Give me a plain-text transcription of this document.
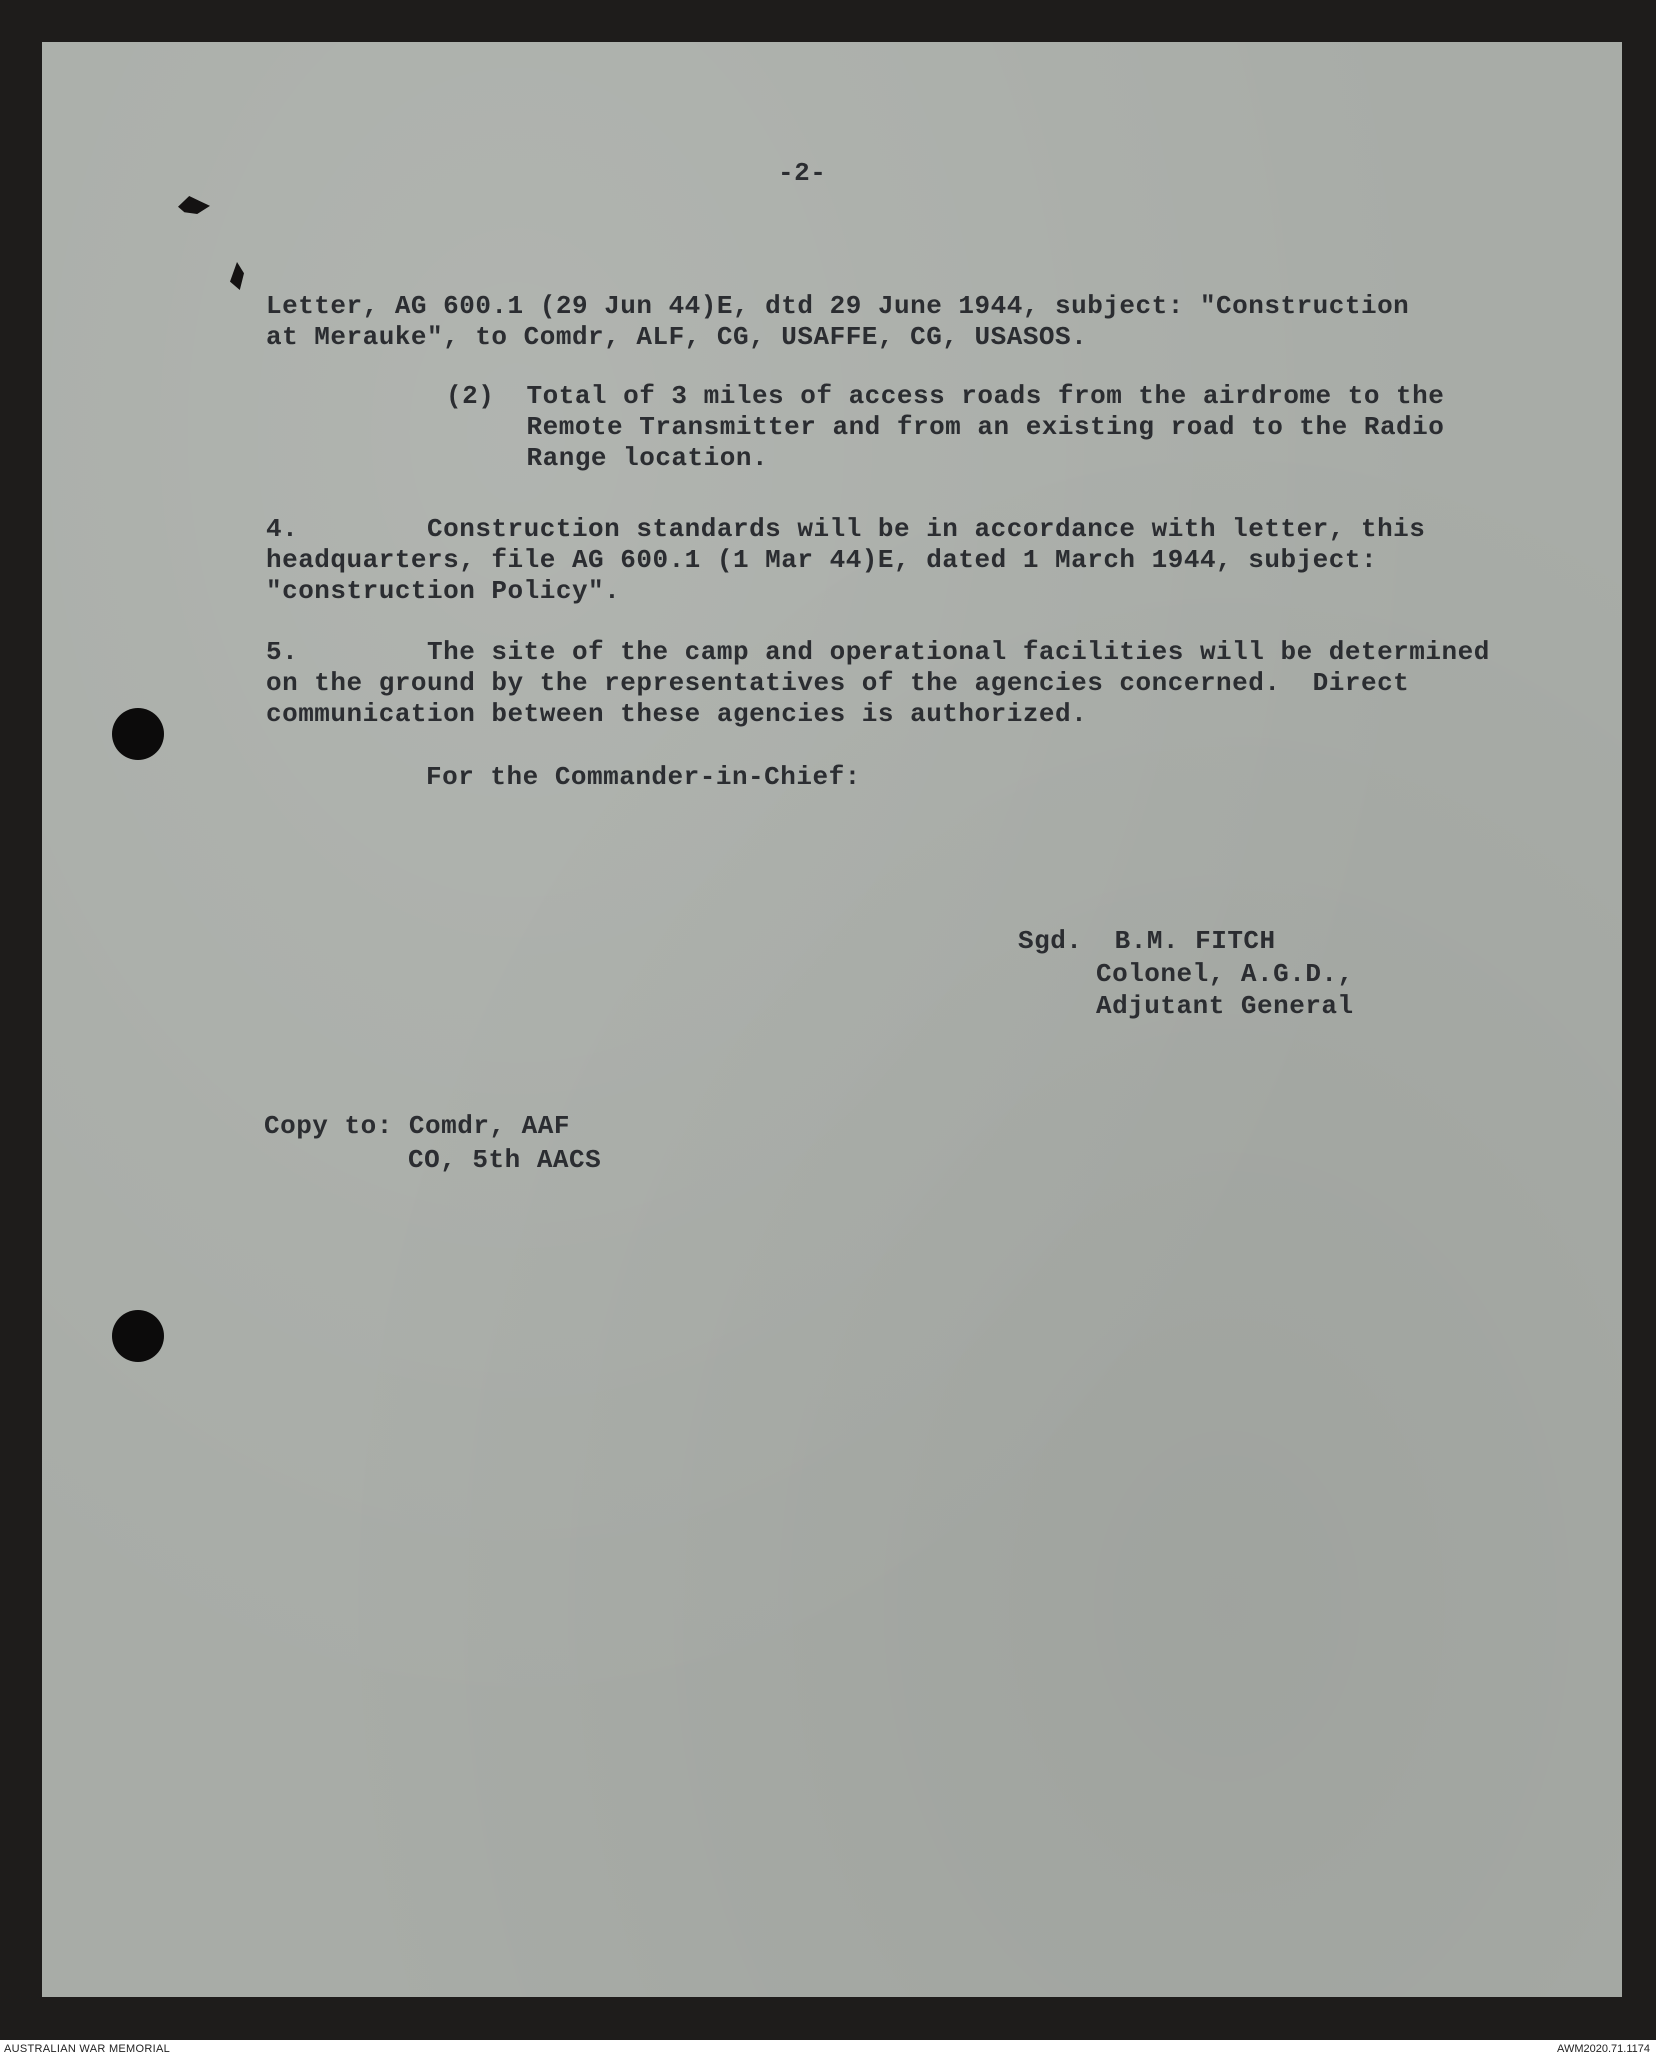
-2-

Letter, AG 600.1 (29 Jun 44)E, dtd 29 June 1944, subject: "Construction
at Merauke", to Comdr, ALF, CG, USAFFE, CG, USASOS.
(2)  Total of 3 miles of access roads from the airdrome to the
Remote Transmitter and from an existing road to the Radio
Range location.
4.        Construction standards will be in accordance with letter, this
headquarters, file AG 600.1 (1 Mar 44)E, dated 1 March 1944, subject:
"construction Policy".
5.        The site of the camp and operational facilities will be determined
on the ground by the representatives of the agencies concerned.  Direct
communication between these agencies is authorized.

For the Commander-in-Chief:

Sgd.  B.M. FITCH

Colonel, A.G.D.,

Adjutant General

Copy to: Comdr, AAF

CO, 5th AACS

AUSTRALIAN WAR MEMORIAL	AWM2020.71.1174
